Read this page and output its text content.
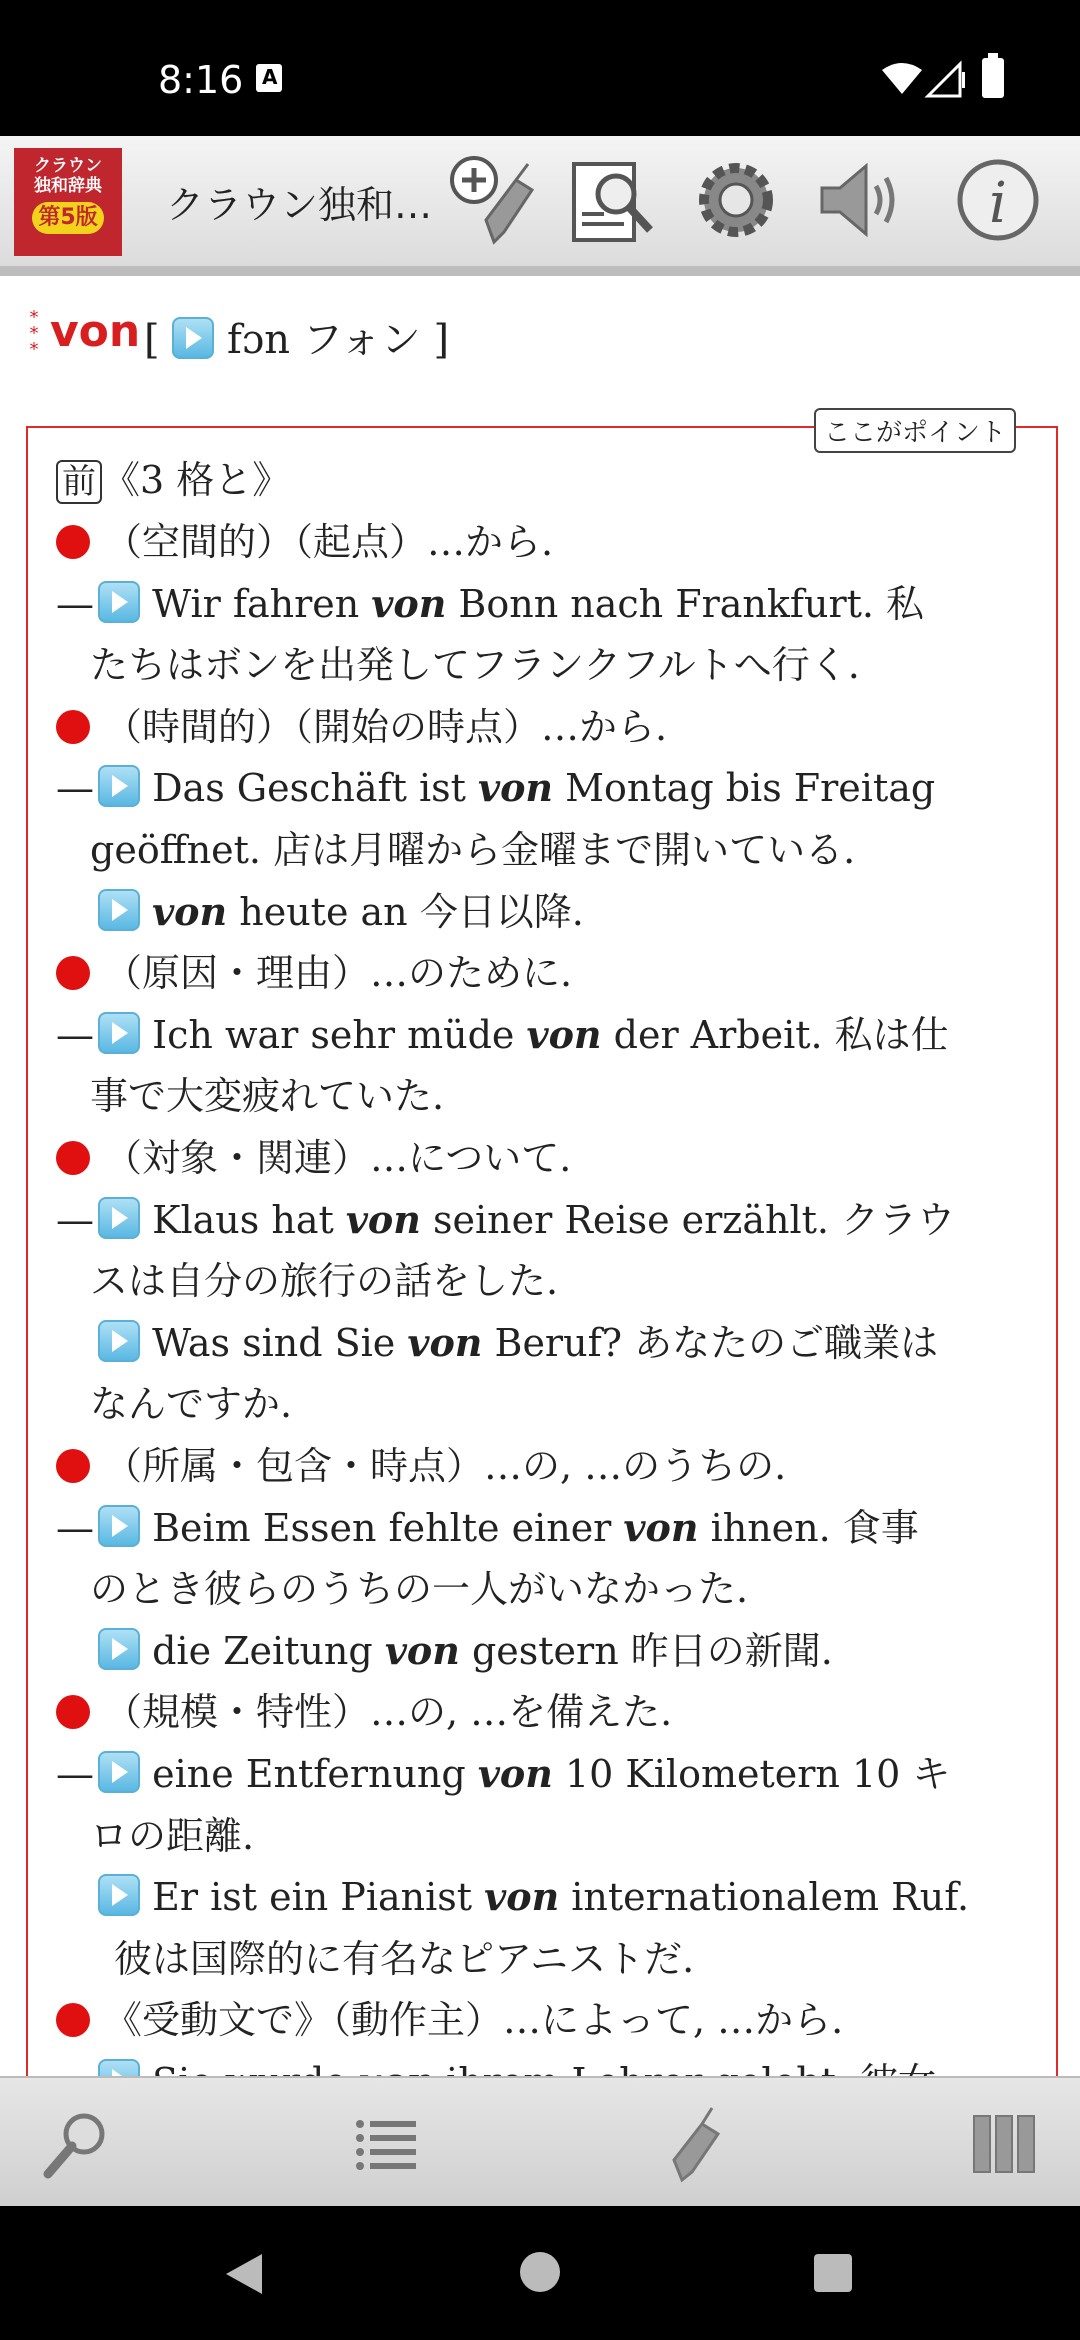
8:16
A
クラウン
独和辞典
第5版	クラウン独和…	i
*
*
* von [ fɔn フォン ]
ここがポイント
前 《3 格と》
（空間的）（起点）…から.
— Wir fahren von Bonn nach Frankfurt. 私
たちはボンを出発してフランクフルトへ行く.
（時間的）（開始の時点）…から.
— Das Geschäft ist von Montag bis Freitag
geöffnet. 店は月曜から金曜まで開いている.
von heute an 今日以降.
（原因・理由）…のために.
— Ich war sehr müde von der Arbeit. 私は仕
事で大変疲れていた.
（対象・関連）…について.
— Klaus hat von seiner Reise erzählt. クラウ
スは自分の旅行の話をした.
Was sind Sie von Beruf? あなたのご職業は
なんですか.
（所属・包含・時点）…の, …のうちの.
— Beim Essen fehlte einer von ihnen. 食事
のとき彼らのうちの一人がいなかった.
die Zeitung von gestern 昨日の新聞.
（規模・特性）…の, …を備えた.
— eine Entfernung von 10 Kilometern 10 キ
ロの距離.
Er ist ein Pianist von internationalem Ruf.
彼は国際的に有名なピアニストだ.
《受動文で》（動作主）…によって, …から.
